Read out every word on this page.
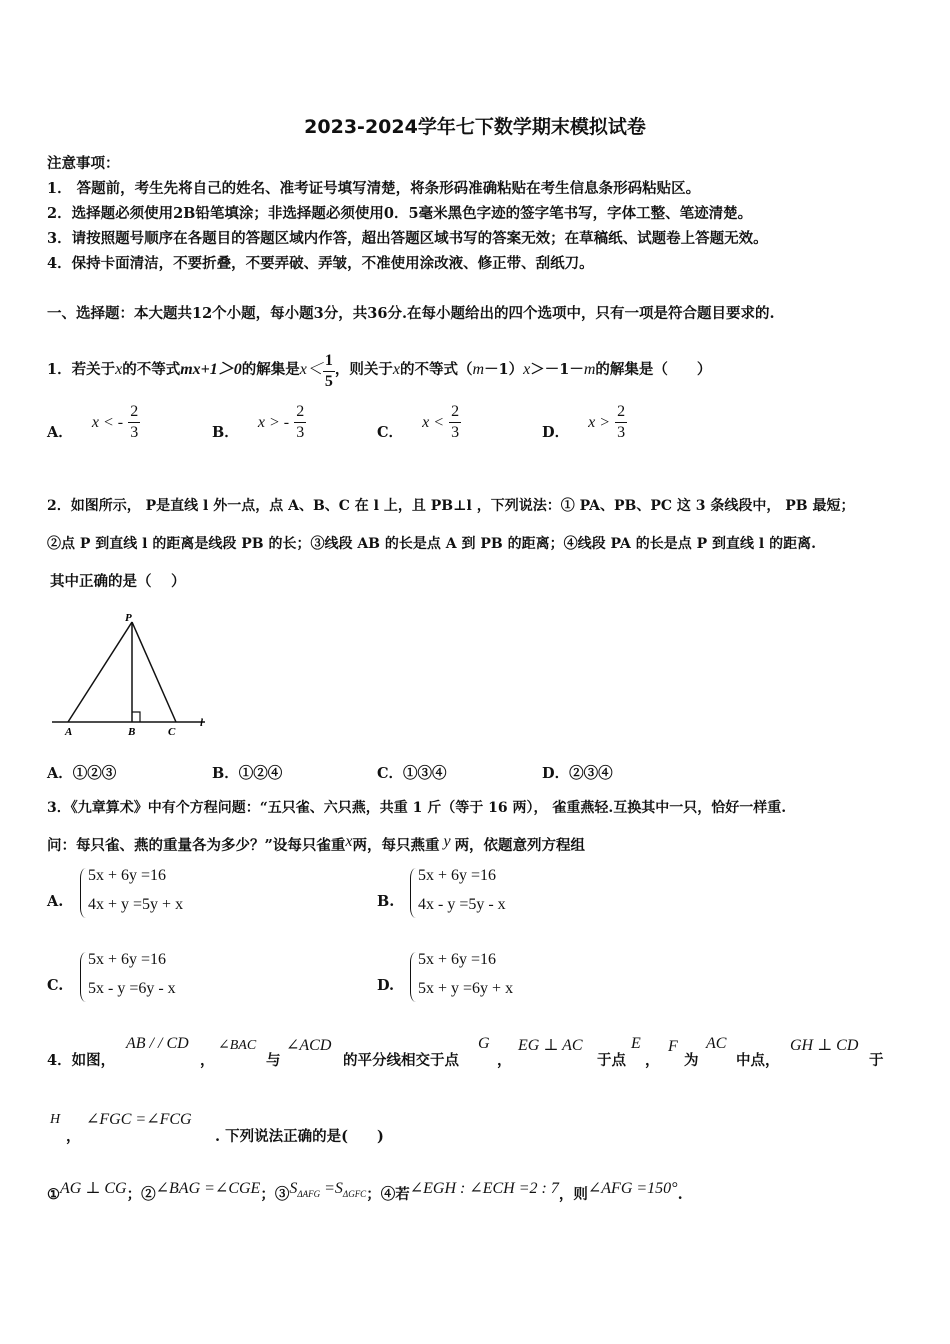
2023-2024学年七下数学期末模拟试卷
注意事项：
1． 答题前，考生先将自己的姓名、准考证号填写清楚，将条形码准确粘贴在考生信息条形码粘贴区。
2．选择题必须使用2B铅笔填涂；非选择题必须使用0．5毫米黑色字迹的签字笔书写，字体工整、笔迹清楚。
3．请按照题号顺序在各题目的答题区域内作答，超出答题区域书写的答案无效；在草稿纸、试题卷上答题无效。
4．保持卡面清洁，不要折叠，不要弄破、弄皱，不准使用涂改液、修正带、刮纸刀。
一、选择题：本大题共12个小题，每小题3分，共36分.在每小题给出的四个选项中，只有一项是符合题目要求的.
1．若关于x的不等式mx+1＞0的解集是$x< \frac{1}{5}$ ，则关于x的不等式（m－1）x＞－1－m的解集是（　　）
A． x < - $\frac{2}{3}$	B． x > - $\frac{2}{3}$	C． $x < \frac{2}{3}$	D． $x > \frac{2}{3}$
2．如图所示， P是直线 l 外一点，点 A、B、C 在 l 上，且 PB⊥l ，下列说法：① PA、PB、PC 这 3 条线段中， PB 最短；
②点 P 到直线 l 的距离是线段 PB 的长；③线段 AB 的长是点 A 到 PB 的距离；④线段 PA 的长是点 P 到直线 l 的距离.
其中正确的是（　 ）
P
A	B	C
l
A．①②③	B．①②④	C．①③④	D．②③④
3．《九章算术》中有个方程问题：“五只雀、六只燕，共重 1 斤（等于 16 两）， 雀重燕轻.互换其中一只，恰好一样重.
问：每只雀、燕的重量各为多少？”设每只雀重x两，每只燕重 y 两，依题意列方程组
A.
5x + 6y =16
4x + y =5y + x	B.
5x + 6y =16
4x - y =5y - x
C.
5x + 6y =16
5x - y =6y - x	D.
5x + 6y =16
5x + y =6y + x
4．如图，
AB / / CD
，
∠BAC
与
∠ACD
的平分线相交于点
G
，
EG ⊥ AC
于点
E
，
F
为
AC
中点，
GH ⊥ CD
于
H
，
∠FGC =∠FCG
. 下列说法正确的是(　　)
①AG ⊥ CG；②∠BAG =∠CGE；③SΔAFG =SΔGFC；④若∠EGH : ∠ECH =2 : 7，则∠AFG =150°.
